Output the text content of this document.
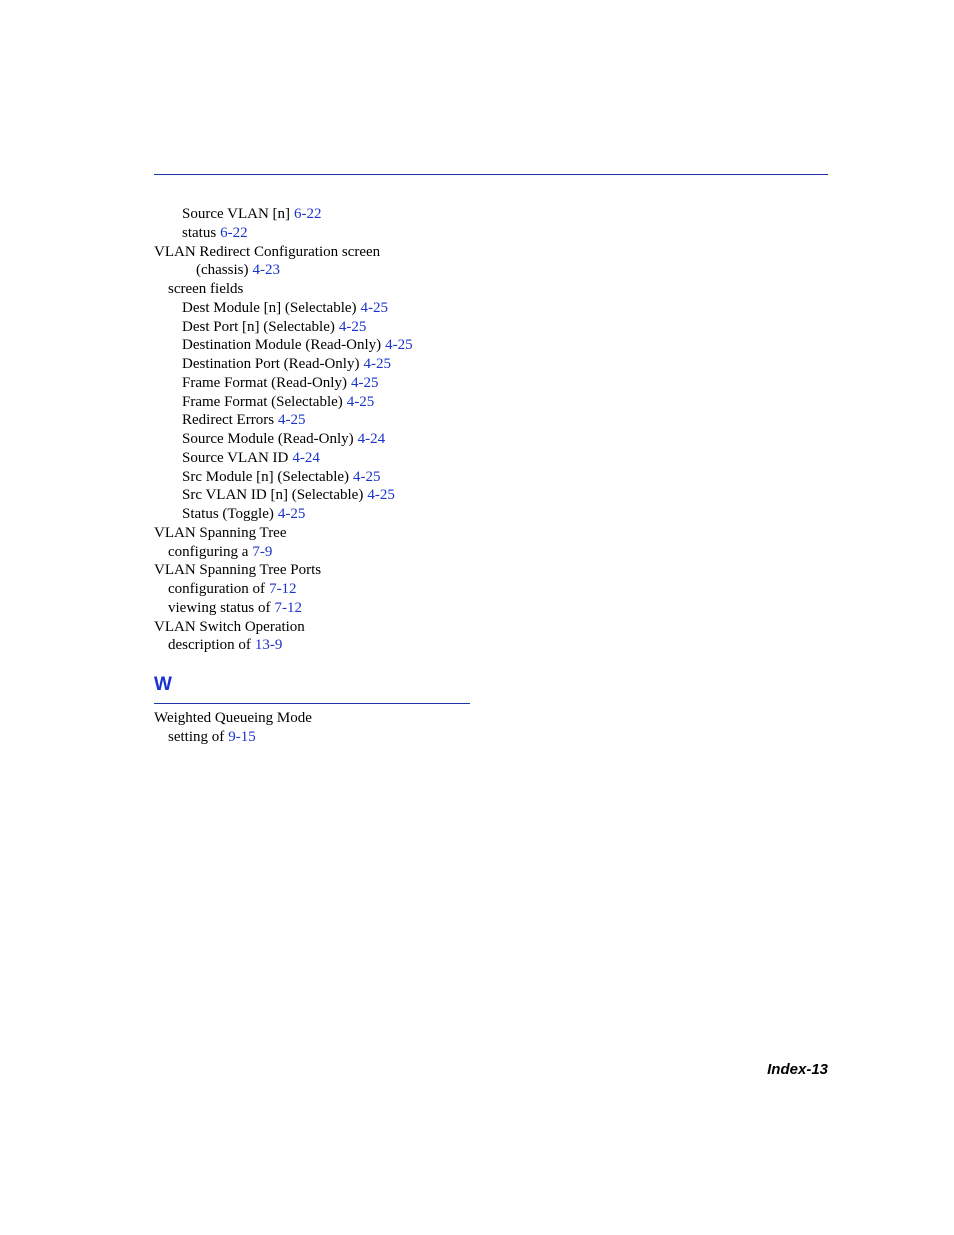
Source VLAN [n] 6-22
status 6-22
VLAN Redirect Configuration screen
(chassis) 4-23
screen fields
Dest Module [n] (Selectable) 4-25
Dest Port [n] (Selectable) 4-25
Destination Module (Read-Only) 4-25
Destination Port (Read-Only) 4-25
Frame Format (Read-Only) 4-25
Frame Format (Selectable) 4-25
Redirect Errors 4-25
Source Module (Read-Only) 4-24
Source VLAN ID 4-24
Src Module [n] (Selectable) 4-25
Src VLAN ID [n] (Selectable) 4-25
Status (Toggle) 4-25
VLAN Spanning Tree
configuring a 7-9
VLAN Spanning Tree Ports
configuration of 7-12
viewing status of 7-12
VLAN Switch Operation
description of 13-9
W
Weighted Queueing Mode
setting of 9-15
Index-13
